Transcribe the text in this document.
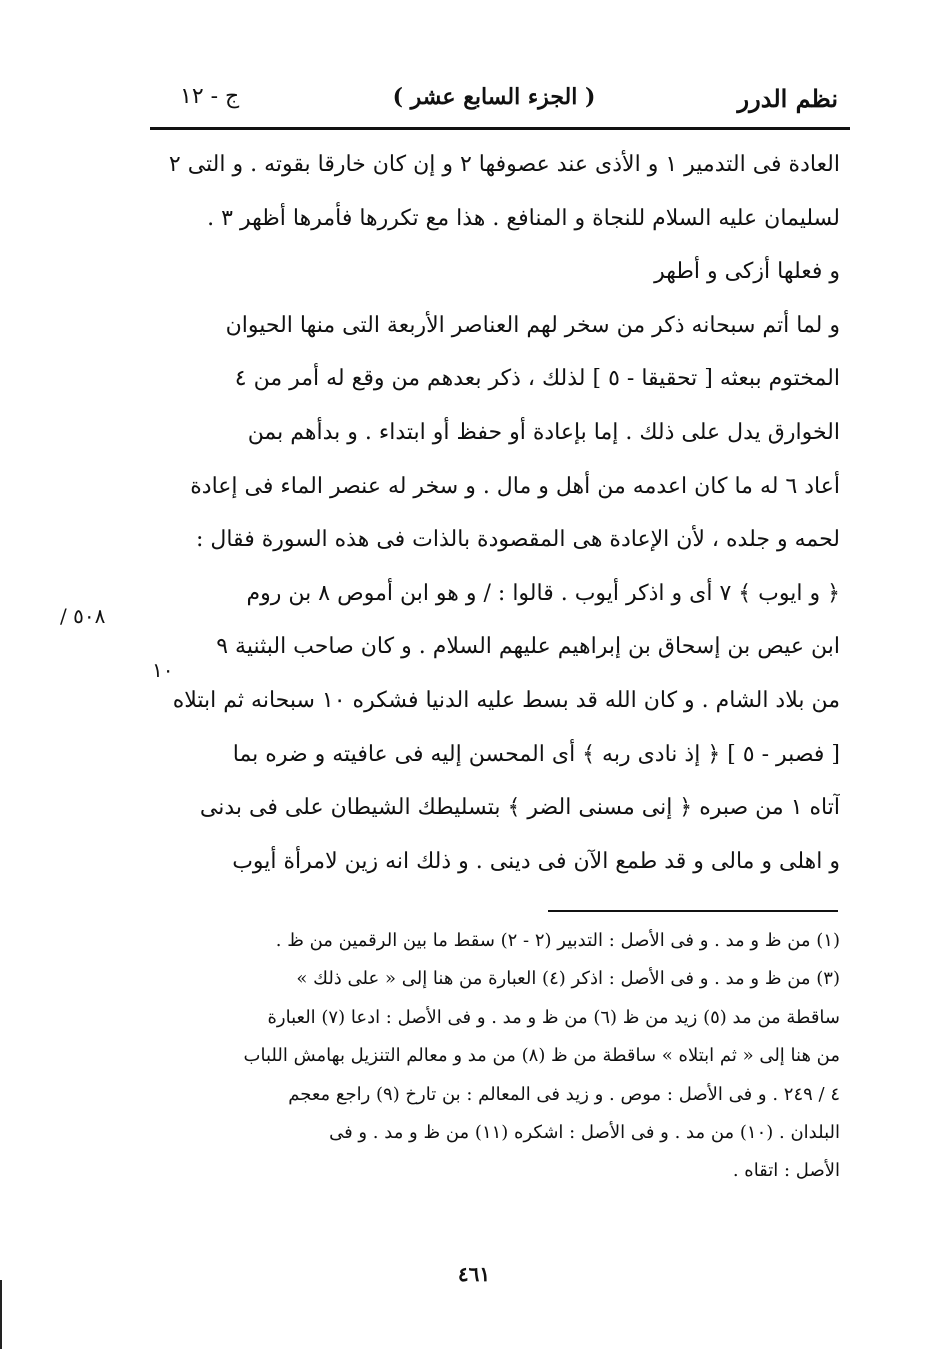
نظم الدرر
( الجزء السابع عشر )
ج - ١٢
العادة فى التدمير ١ و الأذى عند عصوفها ٢ و إن كان خارقا بقوته . و التى ٢
لسليمان عليه السلام للنجاة و المنافع . هذا مع تكررها فأمرها أظهر ٣ .
و فعلها أزكى و أطهر
و لما أتم سبحانه ذكر من سخر لهم العناصر الأربعة التى منها الحيوان
المختوم ببعثه [ تحقيقا - ٥ ] لذلك ، ذكر بعدهم من وقع له أمر من ٤
الخوارق يدل على ذلك . إما بإعادة أو حفظ أو ابتداء . و بدأهم بمن
أعاد ٦ له ما كان اعدمه من أهل و مال . و سخر له عنصر الماء فى إعادة
لحمه و جلده ، لأن الإعادة هى المقصودة بالذات فى هذه السورة فقال :
﴿ و ايوب ﴾ ٧ أى و اذكر أيوب . قالوا : / و هو ابن أموص ٨ بن روم
ابن عيص بن إسحاق بن إبراهيم عليهم السلام . و كان صاحب البثنية ٩
من بلاد الشام . و كان الله قد بسط عليه الدنيا فشكره ١٠ سبحانه ثم ابتلاه
[ فصبر - ٥ ] ﴿ إذ نادى ربه ﴾ أى المحسن إليه فى عافيته و ضره بما
آتاه ١ من صبره ﴿ إنى مسنى الضر ﴾ بتسليطك الشيطان على فى بدنى
و اهلى و مالى و قد طمع الآن فى دينى . و ذلك انه زين لامرأة أيوب
٥٠٨ /
١٠
(١) من ظ و مد . و فى الأصل : التدبير (٢ - ٢) سقط ما بين الرقمين من ظ .
(٣) من ظ و مد . و فى الأصل : اذكر (٤) العبارة من هنا إلى « على ذلك »
ساقطة من مد (٥) زيد من ظ (٦) من ظ و مد . و فى الأصل : ادعا (٧) العبارة
من هنا إلى « ثم ابتلاه » ساقطة من ظ (٨) من مد و معالم التنزيل بهامش اللباب
٤ / ٢٤٩ . و فى الأصل : موص . و زيد فى المعالم : بن تارخ (٩) راجع معجم
البلدان . (١٠) من مد . و فى الأصل : اشكره (١١) من ظ و مد . و فى
الأصل : اتقاه .
٤٦١
